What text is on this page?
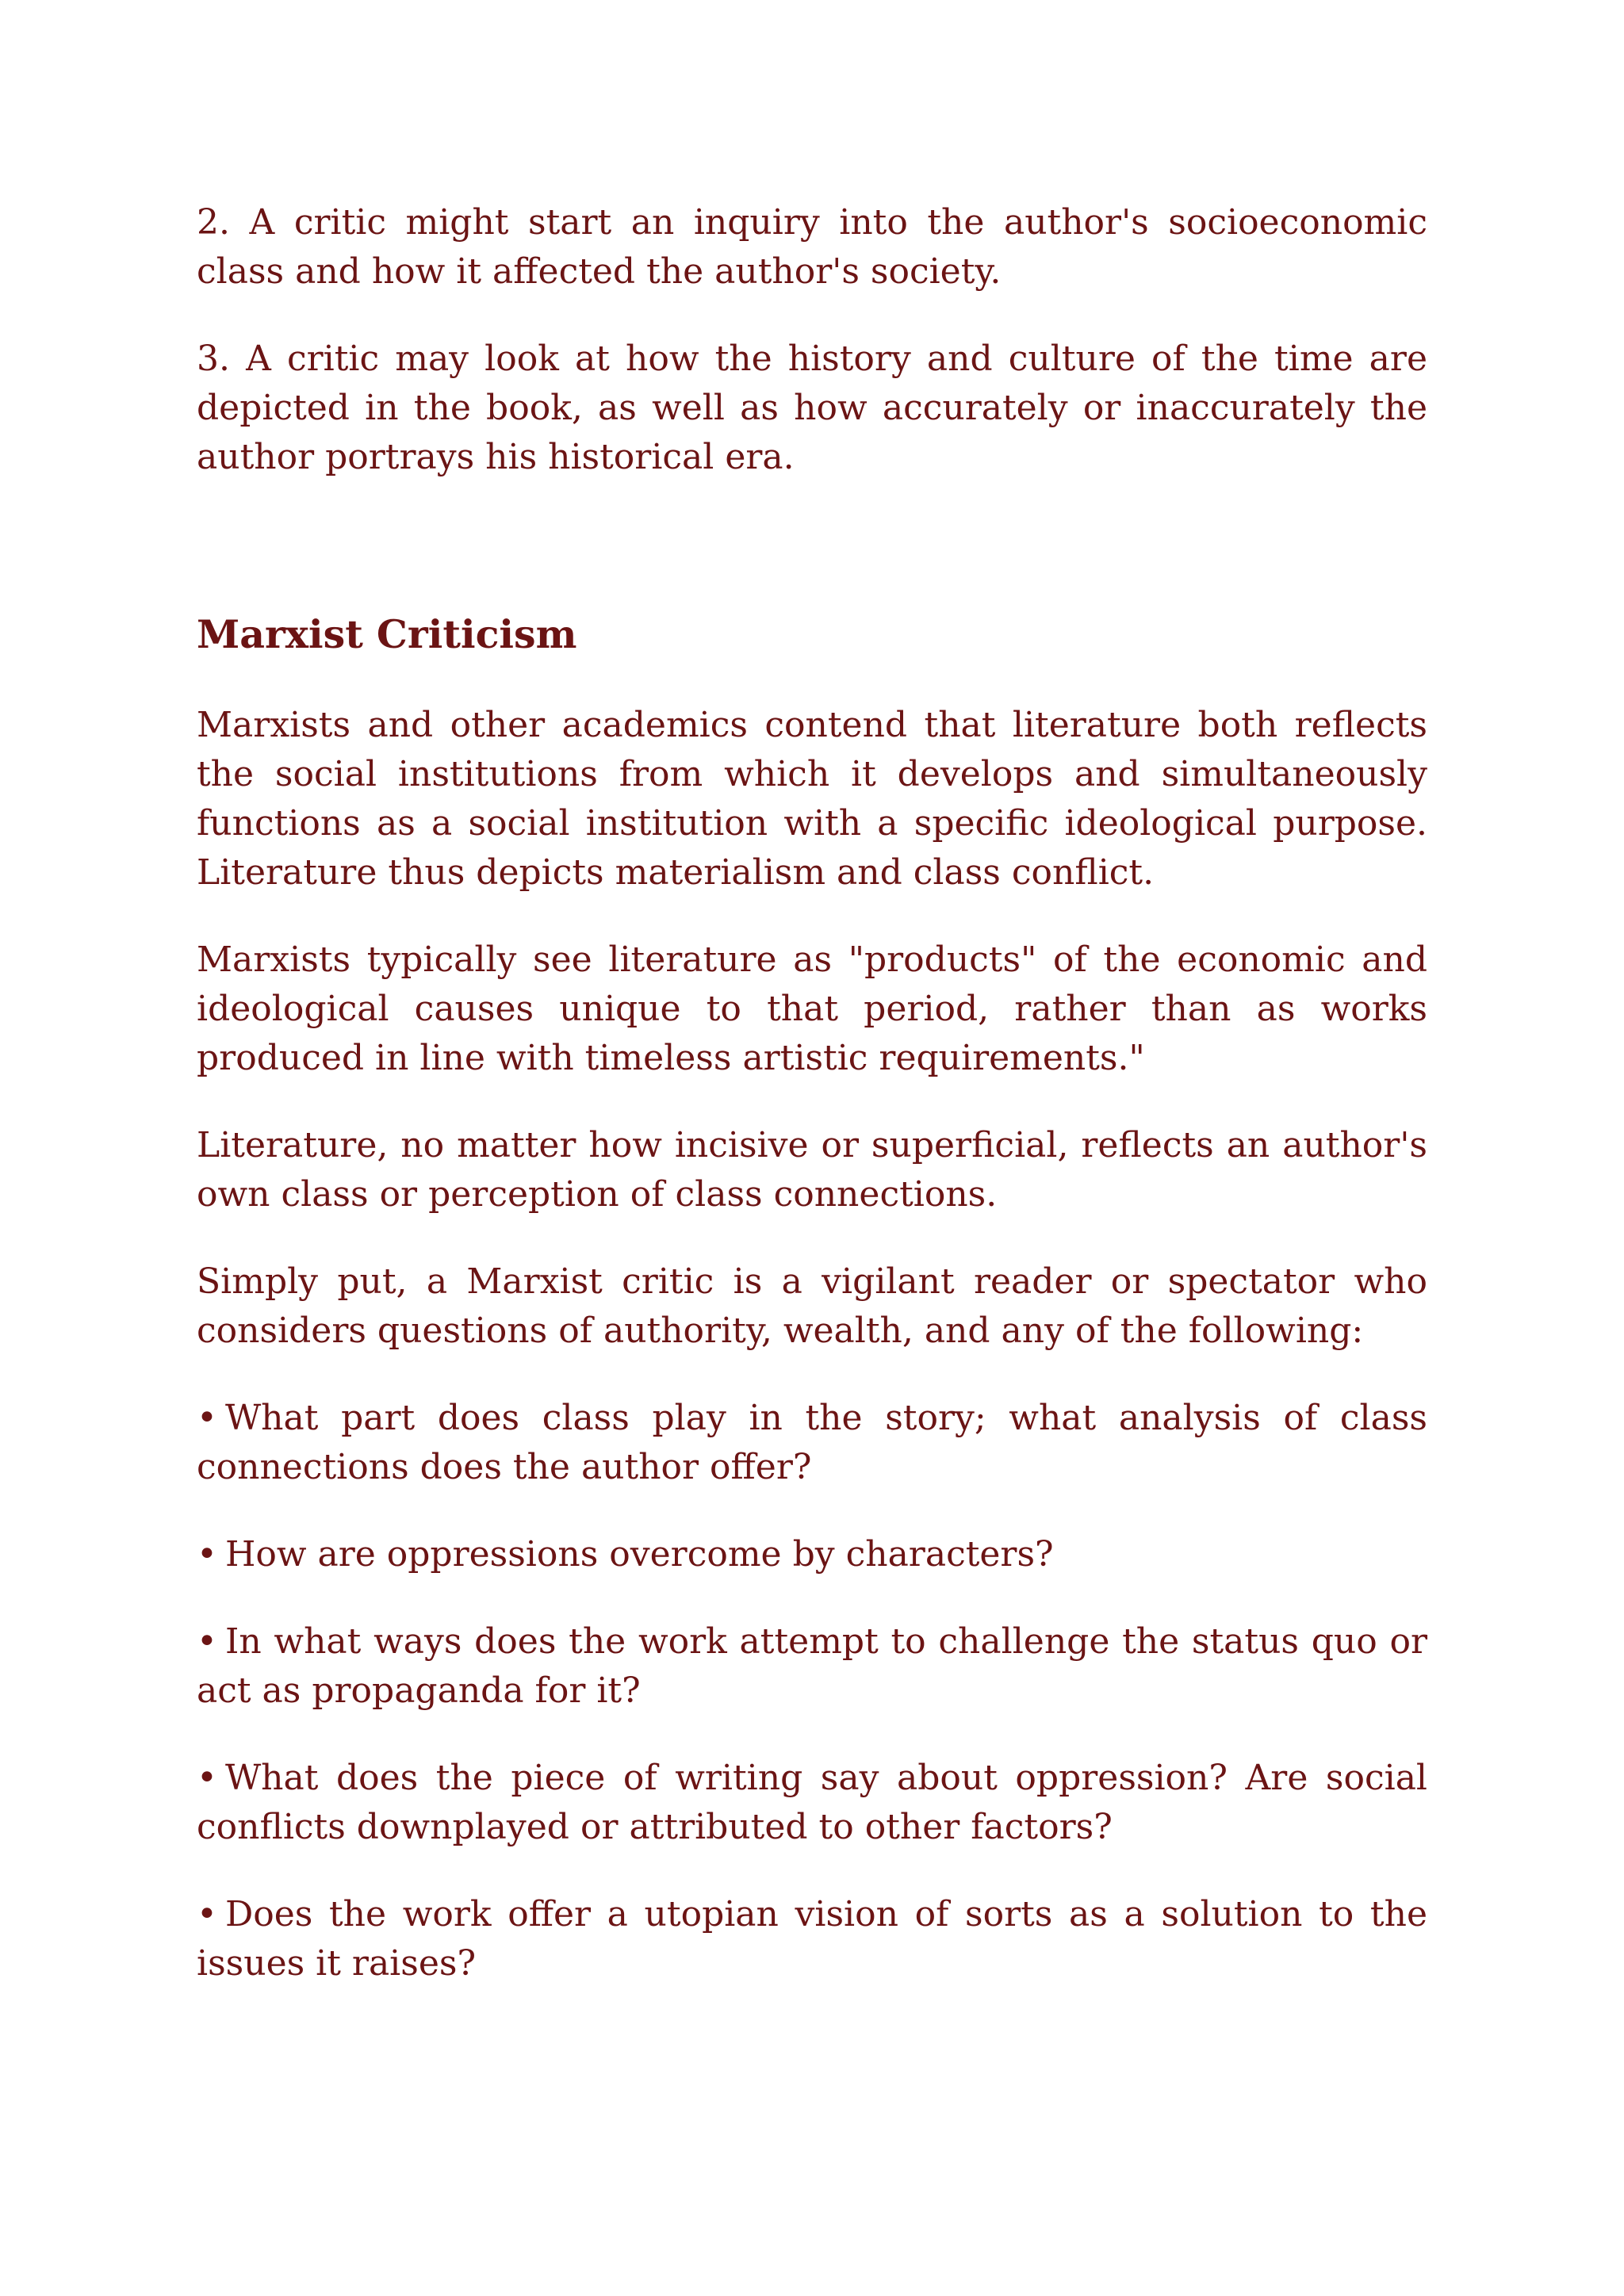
2. A critic might start an inquiry into the author's socioeconomic class and how it affected the author's society.

3. A critic may look at how the history and culture of the time are depicted in the book, as well as how accurately or inaccurately the author portrays his historical era.

Marxist Criticism

Marxists and other academics contend that literature both reflects the social institutions from which it develops and simultaneously functions as a social institution with a specific ideological purpose. Literature thus depicts materialism and class conflict.

Marxists typically see literature as "products" of the economic and ideological causes unique to that period, rather than as works produced in line with timeless artistic requirements."

Literature, no matter how incisive or superficial, reflects an author's own class or perception of class connections.

Simply put, a Marxist critic is a vigilant reader or spectator who considers questions of authority, wealth, and any of the following:

• What part does class play in the story; what analysis of class connections does the author offer?

• How are oppressions overcome by characters?

• In what ways does the work attempt to challenge the status quo or act as propaganda for it?

• What does the piece of writing say about oppression? Are social conflicts downplayed or attributed to other factors?

• Does the work offer a utopian vision of sorts as a solution to the issues it raises?
